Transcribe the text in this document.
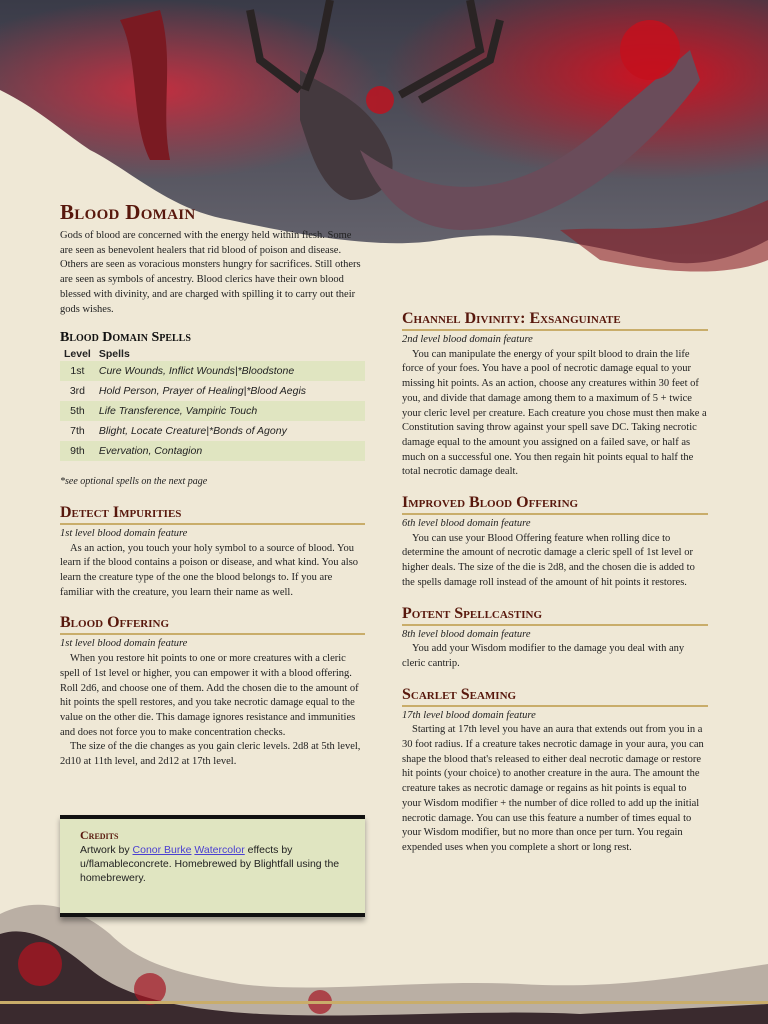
Blood Domain

Gods of blood are concerned with the energy held within flesh. Some are seen as benevolent healers that rid blood of poison and disease. Others are seen as voracious monsters hungry for sacrifices. Still others are seen as symbols of ancestry. Blood clerics have their own blood blessed with divinity, and are charged with spilling it to carry out their gods wishes.

Blood Domain Spells
Level	Spells
1st	Cure Wounds, Inflict Wounds|*Bloodstone
3rd	Hold Person, Prayer of Healing|*Blood Aegis
5th	Life Transference, Vampiric Touch
7th	Blight, Locate Creature|*Bonds of Agony
9th	Evervation, Contagion

*see optional spells on the next page

Detect Impurities

1st level blood domain feature

As an action, you touch your holy symbol to a source of blood. You learn if the blood contains a poison or disease, and what kind. You also learn the creature type of the one the blood belongs to. If you are familiar with the creature, you learn their name as well.

Blood Offering

1st level blood domain feature

When you restore hit points to one or more creatures with a cleric spell of 1st level or higher, you can empower it with a blood offering. Roll 2d6, and choose one of them. Add the chosen die to the amount of hit points the spell restores, and you take necrotic damage equal to the value on the other die. This damage ignores resistance and immunities and does not force you to make concentration checks.

The size of the die changes as you gain cleric levels. 2d8 at 5th level, 2d10 at 11th level, and 2d12 at 17th level.

Credits

Artwork by Conor Burke Watercolor effects by u/flamableconcrete. Homebrewed by Blightfall using the homebrewery.

Channel Divinity: Exsanguinate

2nd level blood domain feature

You can manipulate the energy of your spilt blood to drain the life force of your foes. You have a pool of necrotic damage equal to your missing hit points. As an action, choose any creatures within 30 feet of you, and divide that damage among them to a maximum of 5 + twice your cleric level per creature. Each creature you chose must then make a Constitution saving throw against your spell save DC. Taking necrotic damage equal to the amount you assigned on a failed save, or half as much on a successful one. You then regain hit points equal to half the total necrotic damage dealt.

Improved Blood Offering

6th level blood domain feature

You can use your Blood Offering feature when rolling dice to determine the amount of necrotic damage a cleric spell of 1st level or higher deals. The size of the die is 2d8, and the chosen die is added to the spells damage roll instead of the amount of hit points it restores.

Potent Spellcasting

8th level blood domain feature

You add your Wisdom modifier to the damage you deal with any cleric cantrip.

Scarlet Seaming

17th level blood domain feature

Starting at 17th level you have an aura that extends out from you in a 30 foot radius. If a creature takes necrotic damage in your aura, you can shape the blood that's released to either deal necrotic damage or restore hit points (your choice) to another creature in the aura. The amount the creature takes as necrotic damage or regains as hit points is equal to your Wisdom modifier + the number of dice rolled to add up the initial necrotic damage. You can use this feature a number of times equal to your Wisdom modifier, but no more than once per turn. You regain expended uses when you complete a short or long rest.
